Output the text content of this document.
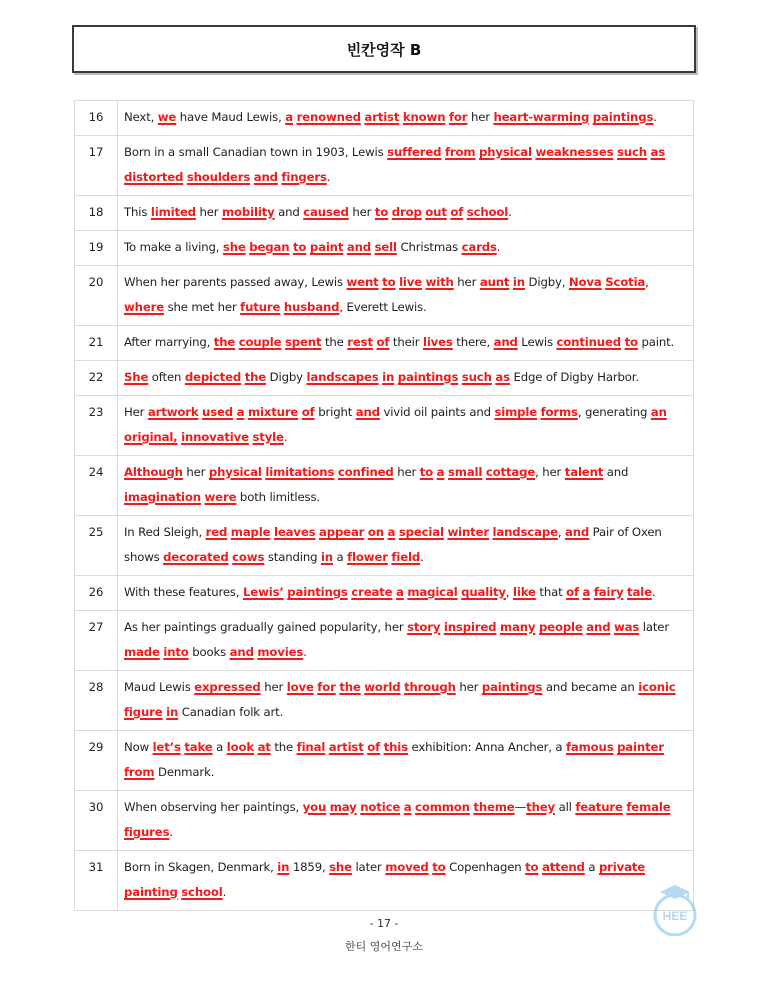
빈칸영작 B
16	Next, we have Maud Lewis, a renowned artist known for her heart-warming paintings.
17	Born in a small Canadian town in 1903, Lewis suffered from physical weaknesses such as distorted shoulders and fingers.
18	This limited her mobility and caused her to drop out of school.
19	To make a living, she began to paint and sell Christmas cards.
20	When her parents passed away, Lewis went to live with her aunt in Digby, Nova Scotia, where she met her future husband, Everett Lewis.
21	After marrying, the couple spent the rest of their lives there, and Lewis continued to paint.
22	She often depicted the Digby landscapes in paintings such as Edge of Digby Harbor.
23	Her artwork used a mixture of bright and vivid oil paints and simple forms, generating an original, innovative style.
24	Although her physical limitations confined her to a small cottage, her talent and imagination were both limitless.
25	In Red Sleigh, red maple leaves appear on a special winter landscape, and Pair of Oxen shows decorated cows standing in a flower field.
26	With these features, Lewis’ paintings create a magical quality, like that of a fairy tale.
27	As her paintings gradually gained popularity, her story inspired many people and was later made into books and movies.
28	Maud Lewis expressed her love for the world through her paintings and became an iconic figure in Canadian folk art.
29	Now let’s take a look at the final artist of this exhibition: Anna Ancher, a famous painter from Denmark.
30	When observing her paintings, you may notice a common theme—they all feature female figures.
31	Born in Skagen, Denmark, in 1859, she later moved to Copenhagen to attend a private painting school.
- 17 -
한티 영어연구소
HEE
